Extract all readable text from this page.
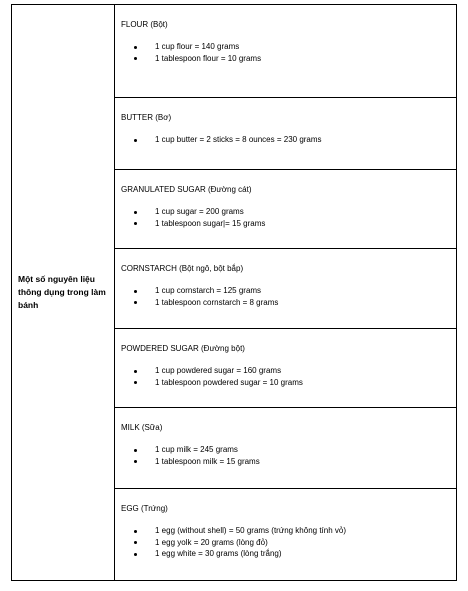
Một số nguyên liệu thông dụng trong làm bánh	
FLOUR (Bột)
1 cup flour = 140 grams
1 tablespoon flour = 10 grams

BUTTER (Bơ)
1 cup butter = 2 sticks = 8 ounces = 230 grams

GRANULATED SUGAR (Đường cát)
1 cup sugar = 200 grams
1 tablespoon sugar|= 15 grams

CORNSTARCH (Bột ngô, bột bắp)
1 cup cornstarch = 125 grams
1 tablespoon cornstarch = 8 grams

POWDERED SUGAR (Đường bột)
1 cup powdered sugar = 160 grams
1 tablespoon powdered sugar = 10 grams

MILK (Sữa)
1 cup milk = 245 grams
1 tablespoon milk = 15 grams

EGG (Trứng)
1 egg (without shell) = 50 grams (trứng không tính vỏ)
1 egg yolk = 20 grams (lòng đỏ)
1 egg white = 30 grams (lòng trắng)
